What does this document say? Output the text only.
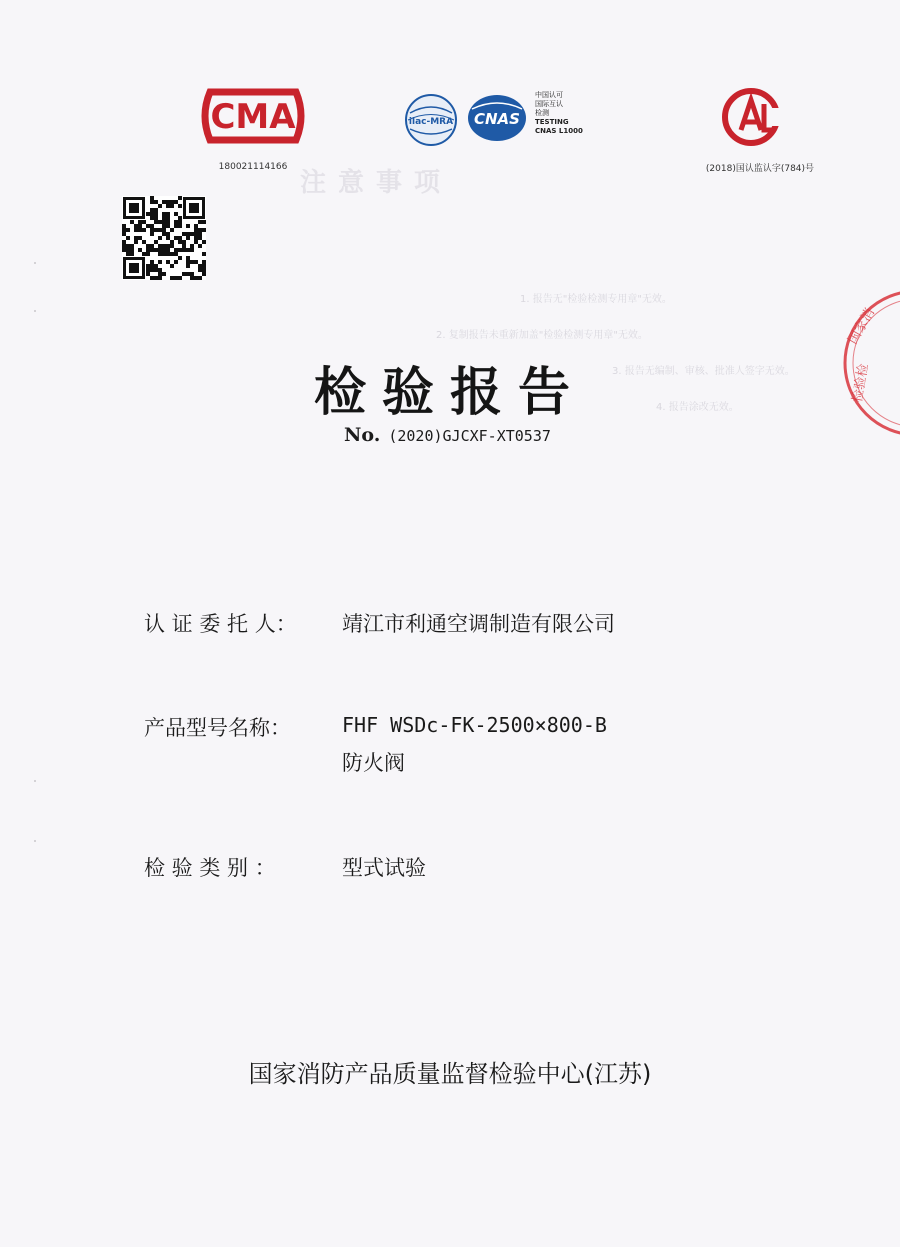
CMA
180021114166
ilac-MRA CNAS
中国认可
国际互认
检测
TESTING
CNAS L1000
CAL
(2018)国认监认字(784)号
注意事项
1. 报告无"检验检测专用章"无效。
2. 复制报告未重新加盖"检验检测专用章"无效。
3. 报告无编制、审核、批准人签字无效。
4. 报告涂改无效。
国家消
检验检
国家消防产品质量监督检验中心 检验检测专用章
检验报告
No. (2020)GJCXF-XT0537
认 证 委 托 人： 靖江市利通空调制造有限公司
产品型号名称：	FHF WSDc-FK-2500×800-B
防火阀
检 验 类 别 ：	型式试验
国家消防产品质量监督检验中心(江苏)
